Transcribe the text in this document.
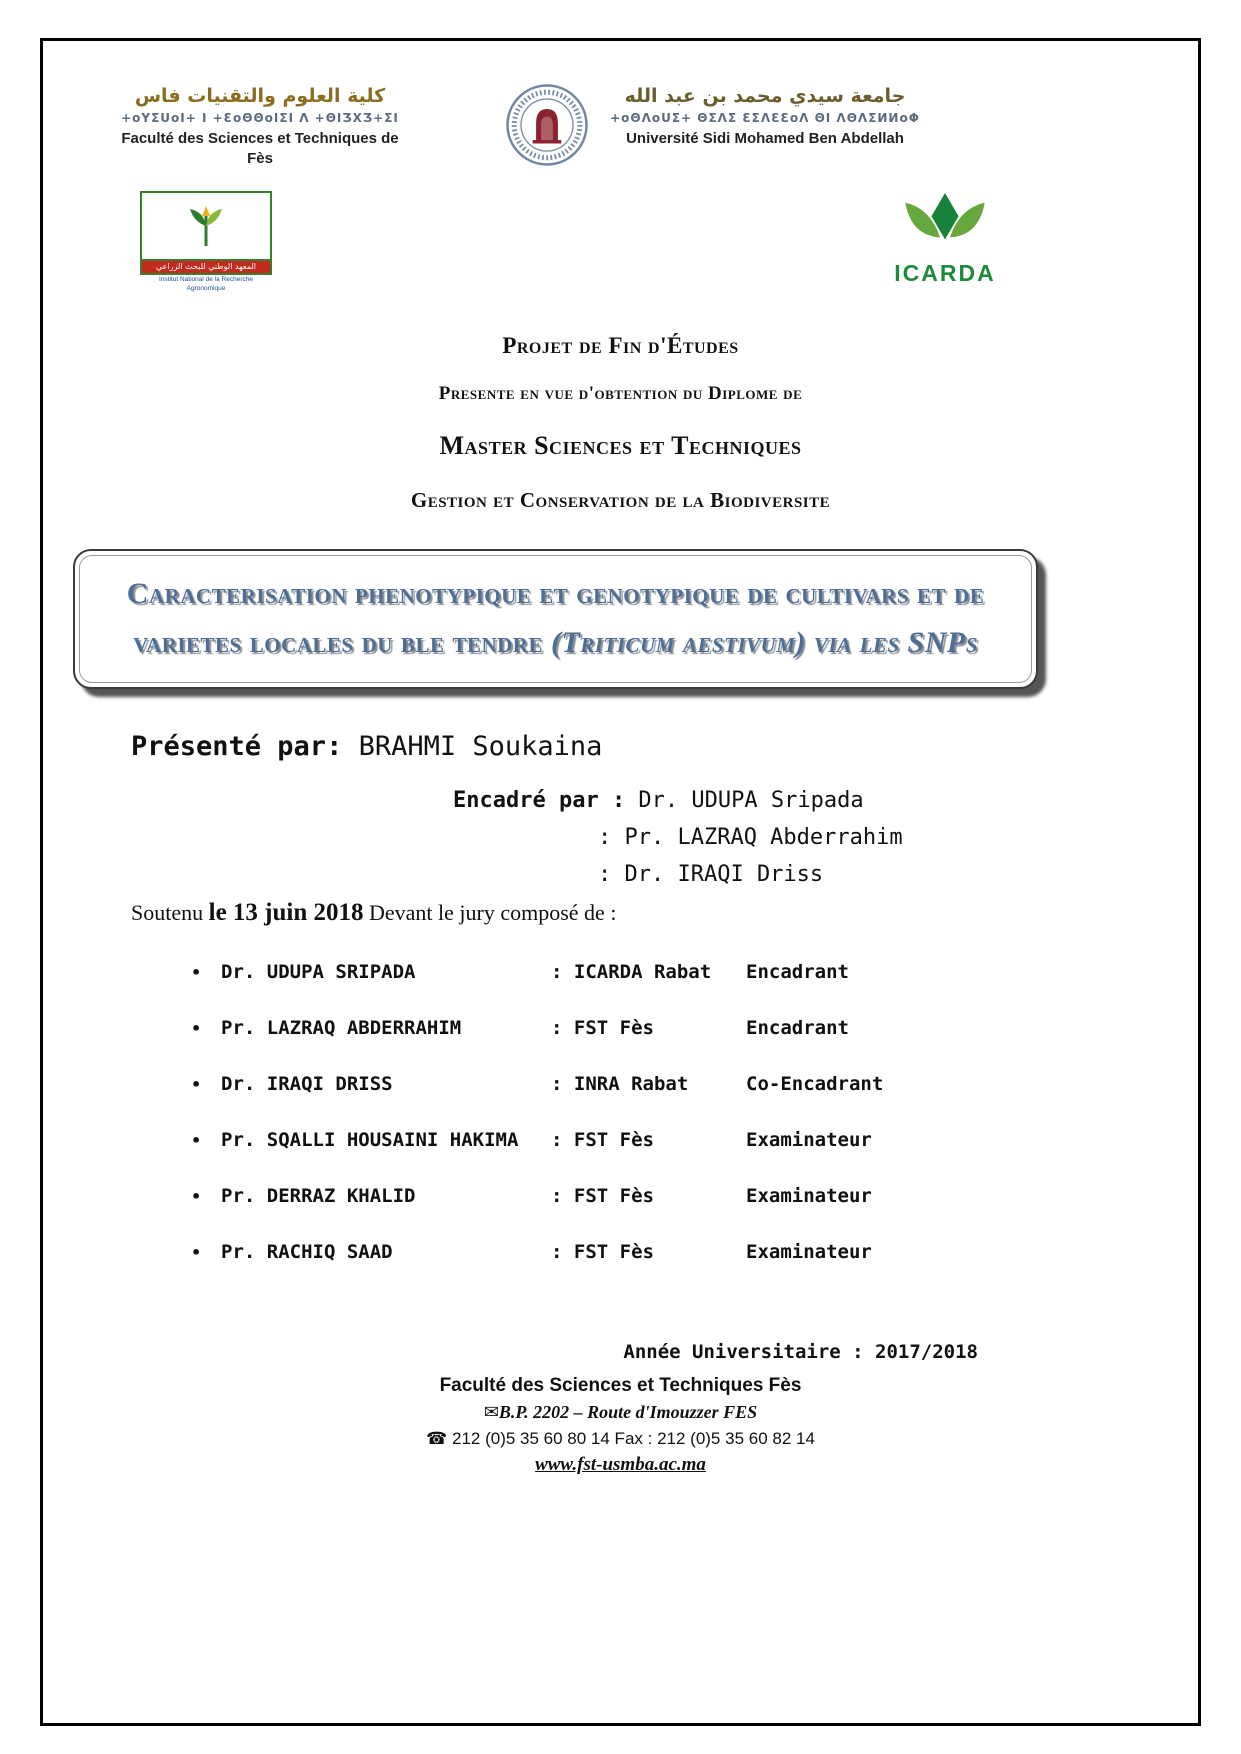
كلية العلوم والتقنيات فاس
+oYΣUoI+ I +ƐoΘΘoIΣI Λ +ΘIƷXƷ+ΣI
Faculté des Sciences et Techniques de Fès
جامعة سيدي محمد بن عبد الله
+oΘΛoUΣ+ ΘΣΛΣ ƐΣΛƐƐoΛ ΘI ΛΘΛΣИИoΦ
Université Sidi Mohamed Ben Abdellah
المعهد الوطني للبحث الزراعي
Institut National de la Recherche Agronomique
ICARDA
Projet de Fin d'Études
Presente en vue d'obtention du Diplome de
Master Sciences et Techniques
Gestion et Conservation de la Biodiversite
Caracterisation phenotypique et genotypique de cultivars et de varietes locales du ble tendre (Triticum aestivum) via les SNPs
Présenté par: BRAHMI Soukaina
Encadré par : Dr. UDUPA Sripada
: Pr. LAZRAQ Abderrahim
: Dr. IRAQI Driss
Soutenu le 13 juin 2018 Devant le jury composé de :
•	Dr. UDUPA SRIPADA	: ICARDA Rabat	Encadrant
•	Pr. LAZRAQ ABDERRAHIM	: FST Fès	Encadrant
•	Dr. IRAQI DRISS	: INRA Rabat	Co-Encadrant
•	Pr. SQALLI HOUSAINI HAKIMA	: FST Fès	Examinateur
•	Pr. DERRAZ KHALID	: FST Fès	Examinateur
•	Pr. RACHIQ SAAD	: FST Fès	Examinateur
Année Universitaire : 2017/2018
Faculté des Sciences et Techniques Fès
✉B.P. 2202 – Route d'Imouzzer FES
☎ 212 (0)5 35 60 80 14 Fax : 212 (0)5 35 60 82 14
www.fst-usmba.ac.ma
